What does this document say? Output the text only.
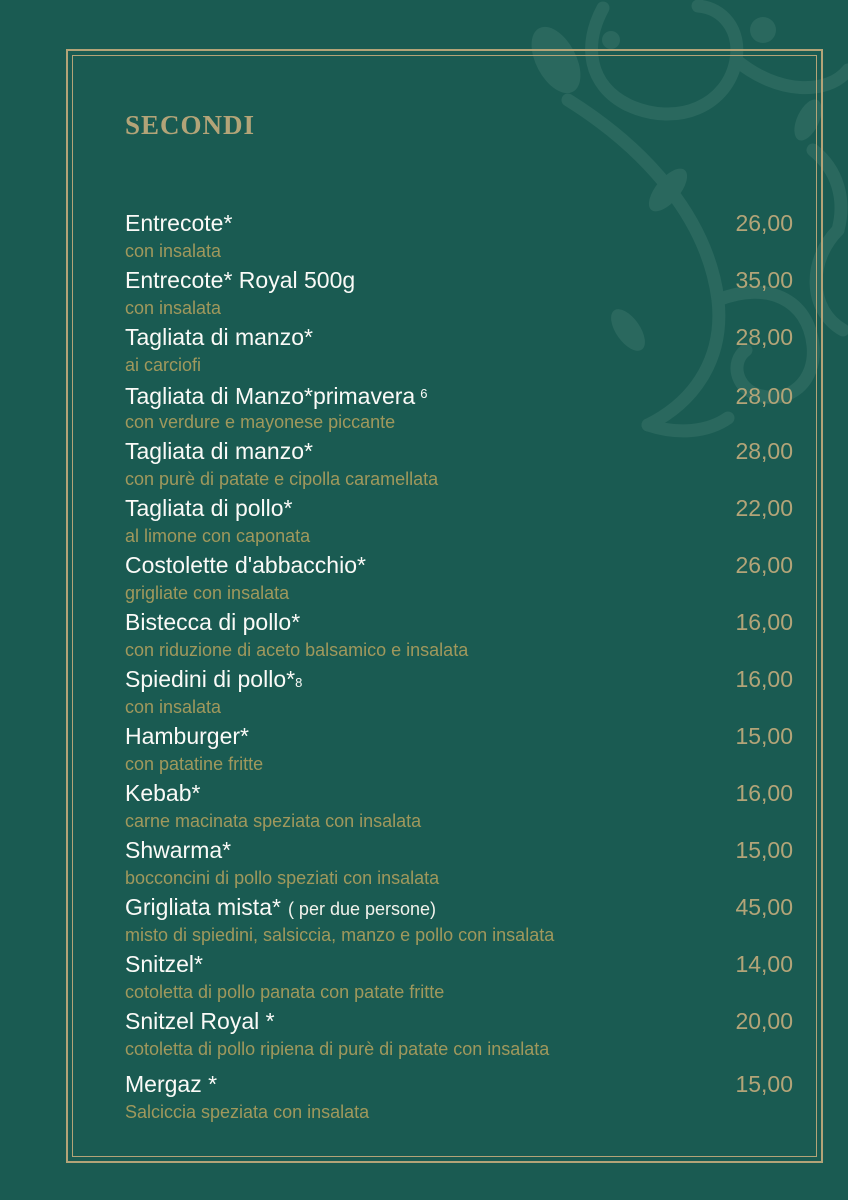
SECONDI
Entrecote*	26,00
con insalata
Entrecote* Royal 500g	35,00
con insalata
Tagliata di manzo*	28,00
ai carciofi
Tagliata di Manzo*primavera $^6$	28,00
con verdure e mayonese piccante
Tagliata di manzo*	28,00
con purè di patate e cipolla caramellata
Tagliata di pollo*	22,00
al limone con caponata
Costolette d'abbacchio*	26,00
grigliate con insalata
Bistecca di pollo*	16,00
con riduzione di aceto balsamico e insalata
Spiedini di pollo*8	16,00
con insalata
Hamburger*	15,00
con patatine fritte
Kebab*	16,00
carne macinata speziata con insalata
Shwarma*	15,00
bocconcini di pollo speziati con insalata
Grigliata mista* ( per due persone)	45,00
misto di spiedini, salsiccia, manzo e pollo con insalata
Snitzel*	14,00
cotoletta di pollo panata con patate fritte
Snitzel Royal *	20,00
cotoletta di pollo ripiena di purè di patate con insalata
Mergaz *	15,00
Salciccia speziata con insalata
